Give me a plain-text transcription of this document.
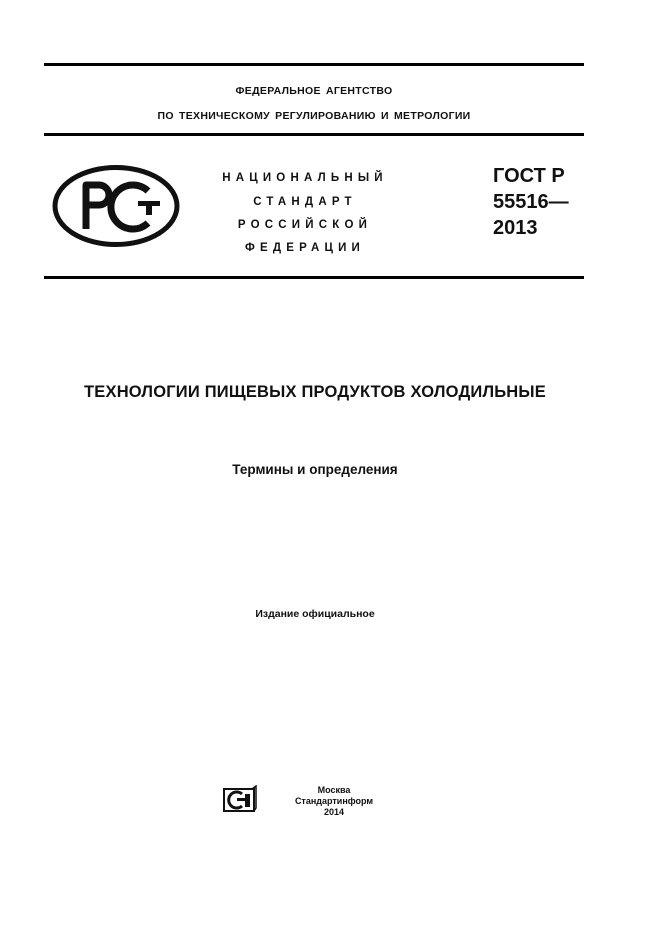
ФЕДЕРАЛЬНОЕ АГЕНТСТВО
ПО ТЕХНИЧЕСКОМУ РЕГУЛИРОВАНИЮ И МЕТРОЛОГИИ
НАЦИОНАЛЬНЫЙ
СТАНДАРТ
РОССИЙСКОЙ
ФЕДЕРАЦИИ
ГОСТ Р
55516—
2013
ТЕХНОЛОГИИ ПИЩЕВЫХ ПРОДУКТОВ ХОЛОДИЛЬНЫЕ
Термины и определения
Издание официальное
Москва
Стандартинформ
2014
